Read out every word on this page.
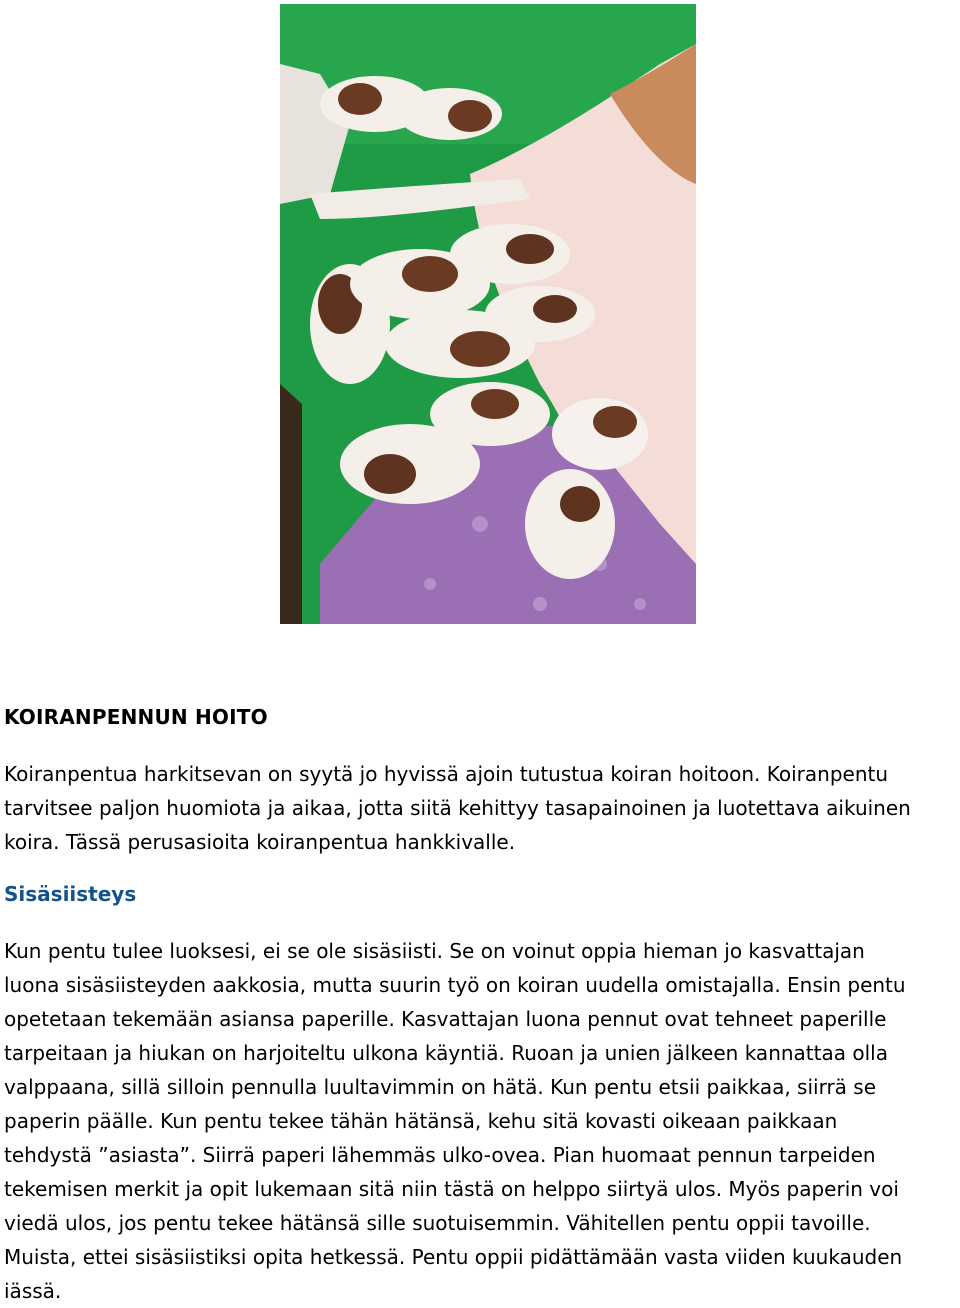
KOIRANPENNUN HOITO

Koiranpentua harkitsevan on syytä jo hyvissä ajoin tutustua koiran hoitoon. Koiranpentu
tarvitsee paljon huomiota ja aikaa, jotta siitä kehittyy tasapainoinen ja luotettava aikuinen
koira. Tässä perusasioita koiranpentua hankkivalle.

Sisäsiisteys

Kun pentu tulee luoksesi, ei se ole sisäsiisti. Se on voinut oppia hieman jo kasvattajan
luona sisäsiisteyden aakkosia, mutta suurin työ on koiran uudella omistajalla. Ensin pentu
opetetaan tekemään asiansa paperille. Kasvattajan luona pennut ovat tehneet paperille
tarpeitaan ja hiukan on harjoiteltu ulkona käyntiä. Ruoan ja unien jälkeen kannattaa olla
valppaana, sillä silloin pennulla luultavimmin on hätä. Kun pentu etsii paikkaa, siirrä se
paperin päälle. Kun pentu tekee tähän hätänsä, kehu sitä kovasti oikeaan paikkaan
tehdystä ”asiasta”. Siirrä paperi lähemmäs ulko-ovea. Pian huomaat pennun tarpeiden
tekemisen merkit ja opit lukemaan sitä niin tästä on helppo siirtyä ulos. Myös paperin voi
viedä ulos, jos pentu tekee hätänsä sille suotuisemmin. Vähitellen pentu oppii tavoille.
Muista, ettei sisäsiistiksi opita hetkessä. Pentu oppii pidättämään vasta viiden kuukauden
iässä.
